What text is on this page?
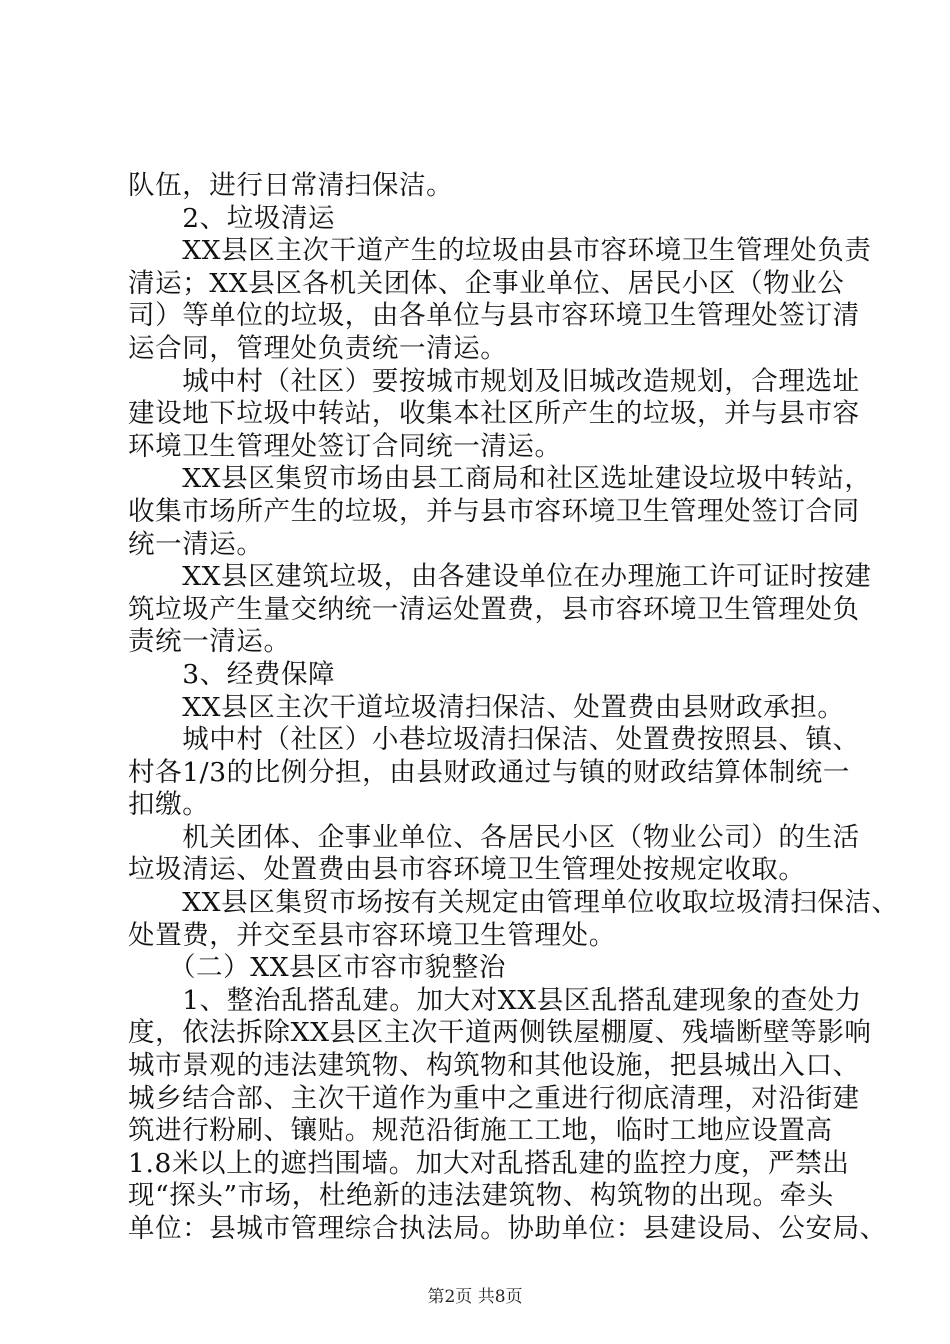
队伍，进行日常清扫保洁。
　　2、垃圾清运
　　XX县区主次干道产生的垃圾由县市容环境卫生管理处负责
清运；XX县区各机关团体、企事业单位、居民小区（物业公
司）等单位的垃圾，由各单位与县市容环境卫生管理处签订清
运合同，管理处负责统一清运。
　　城中村（社区）要按城市规划及旧城改造规划，合理选址
建设地下垃圾中转站，收集本社区所产生的垃圾，并与县市容
环境卫生管理处签订合同统一清运。
　　XX县区集贸市场由县工商局和社区选址建设垃圾中转站，
收集市场所产生的垃圾，并与县市容环境卫生管理处签订合同
统一清运。
　　XX县区建筑垃圾，由各建设单位在办理施工许可证时按建
筑垃圾产生量交纳统一清运处置费，县市容环境卫生管理处负
责统一清运。
　　3、经费保障
　　XX县区主次干道垃圾清扫保洁、处置费由县财政承担。
　　城中村（社区）小巷垃圾清扫保洁、处置费按照县、镇、
村各1/3的比例分担，由县财政通过与镇的财政结算体制统一
扣缴。
　　机关团体、企事业单位、各居民小区（物业公司）的生活
垃圾清运、处置费由县市容环境卫生管理处按规定收取。
　　XX县区集贸市场按有关规定由管理单位收取垃圾清扫保洁、
处置费，并交至县市容环境卫生管理处。
　　（二）XX县区市容市貌整治
　　1、整治乱搭乱建。加大对XX县区乱搭乱建现象的查处力
度，依法拆除XX县区主次干道两侧铁屋棚厦、残墙断壁等影响
城市景观的违法建筑物、构筑物和其他设施，把县城出入口、
城乡结合部、主次干道作为重中之重进行彻底清理，对沿街建
筑进行粉刷、镶贴。规范沿街施工工地，临时工地应设置高
1.8米以上的遮挡围墙。加大对乱搭乱建的监控力度，严禁出
现“探头”市场，杜绝新的违法建筑物、构筑物的出现。牵头
单位：县城市管理综合执法局。协助单位：县建设局、公安局、
第2页 共8页
